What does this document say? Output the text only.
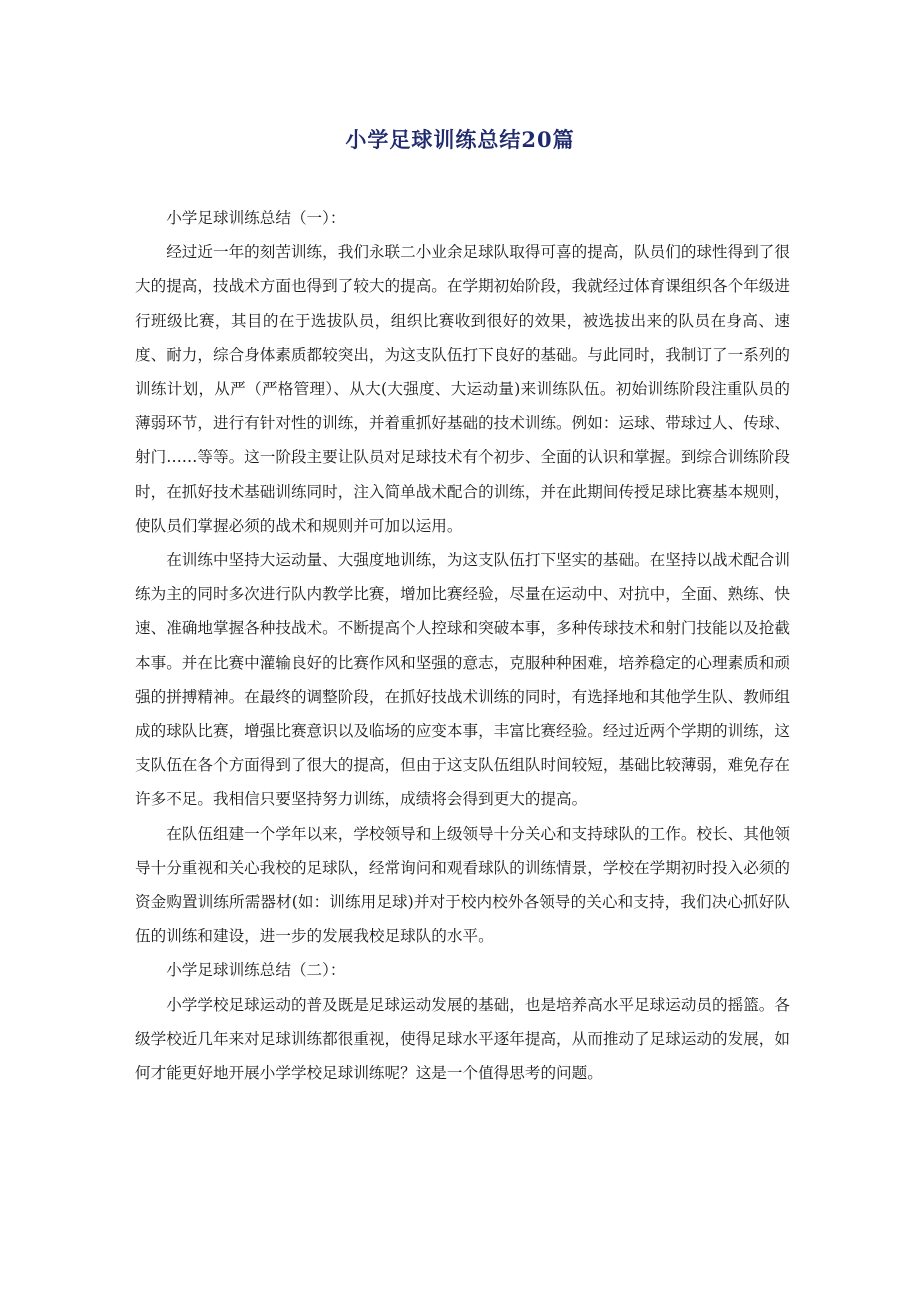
小学足球训练总结20篇

小学足球训练总结（一）：

经过近一年的刻苦训练，我们永联二小业余足球队取得可喜的提高，队员们的球性得到了很大的提高，技战术方面也得到了较大的提高。在学期初始阶段，我就经过体育课组织各个年级进行班级比赛，其目的在于选拔队员，组织比赛收到很好的效果，被选拔出来的队员在身高、速度、耐力，综合身体素质都较突出，为这支队伍打下良好的基础。与此同时，我制订了一系列的训练计划，从严（严格管理）、从大(大强度、大运动量)来训练队伍。初始训练阶段注重队员的薄弱环节，进行有针对性的训练，并着重抓好基础的技术训练。例如：运球、带球过人、传球、射门……等等。这一阶段主要让队员对足球技术有个初步、全面的认识和掌握。到综合训练阶段时，在抓好技术基础训练同时，注入简单战术配合的训练，并在此期间传授足球比赛基本规则，使队员们掌握必须的战术和规则并可加以运用。

在训练中坚持大运动量、大强度地训练，为这支队伍打下坚实的基础。在坚持以战术配合训练为主的同时多次进行队内教学比赛，增加比赛经验，尽量在运动中、对抗中，全面、熟练、快速、准确地掌握各种技战术。不断提高个人控球和突破本事，多种传球技术和射门技能以及抢截本事。并在比赛中灌输良好的比赛作风和坚强的意志，克服种种困难，培养稳定的心理素质和顽强的拼搏精神。在最终的调整阶段，在抓好技战术训练的同时，有选择地和其他学生队、教师组成的球队比赛，增强比赛意识以及临场的应变本事，丰富比赛经验。经过近两个学期的训练，这支队伍在各个方面得到了很大的提高，但由于这支队伍组队时间较短，基础比较薄弱，难免存在许多不足。我相信只要坚持努力训练，成绩将会得到更大的提高。

在队伍组建一个学年以来，学校领导和上级领导十分关心和支持球队的工作。校长、其他领导十分重视和关心我校的足球队，经常询问和观看球队的训练情景，学校在学期初时投入必须的资金购置训练所需器材(如：训练用足球)并对于校内校外各领导的关心和支持，我们决心抓好队伍的训练和建设，进一步的发展我校足球队的水平。

小学足球训练总结（二）：

小学学校足球运动的普及既是足球运动发展的基础，也是培养高水平足球运动员的摇篮。各级学校近几年来对足球训练都很重视，使得足球水平逐年提高，从而推动了足球运动的发展，如何才能更好地开展小学学校足球训练呢？这是一个值得思考的问题。
